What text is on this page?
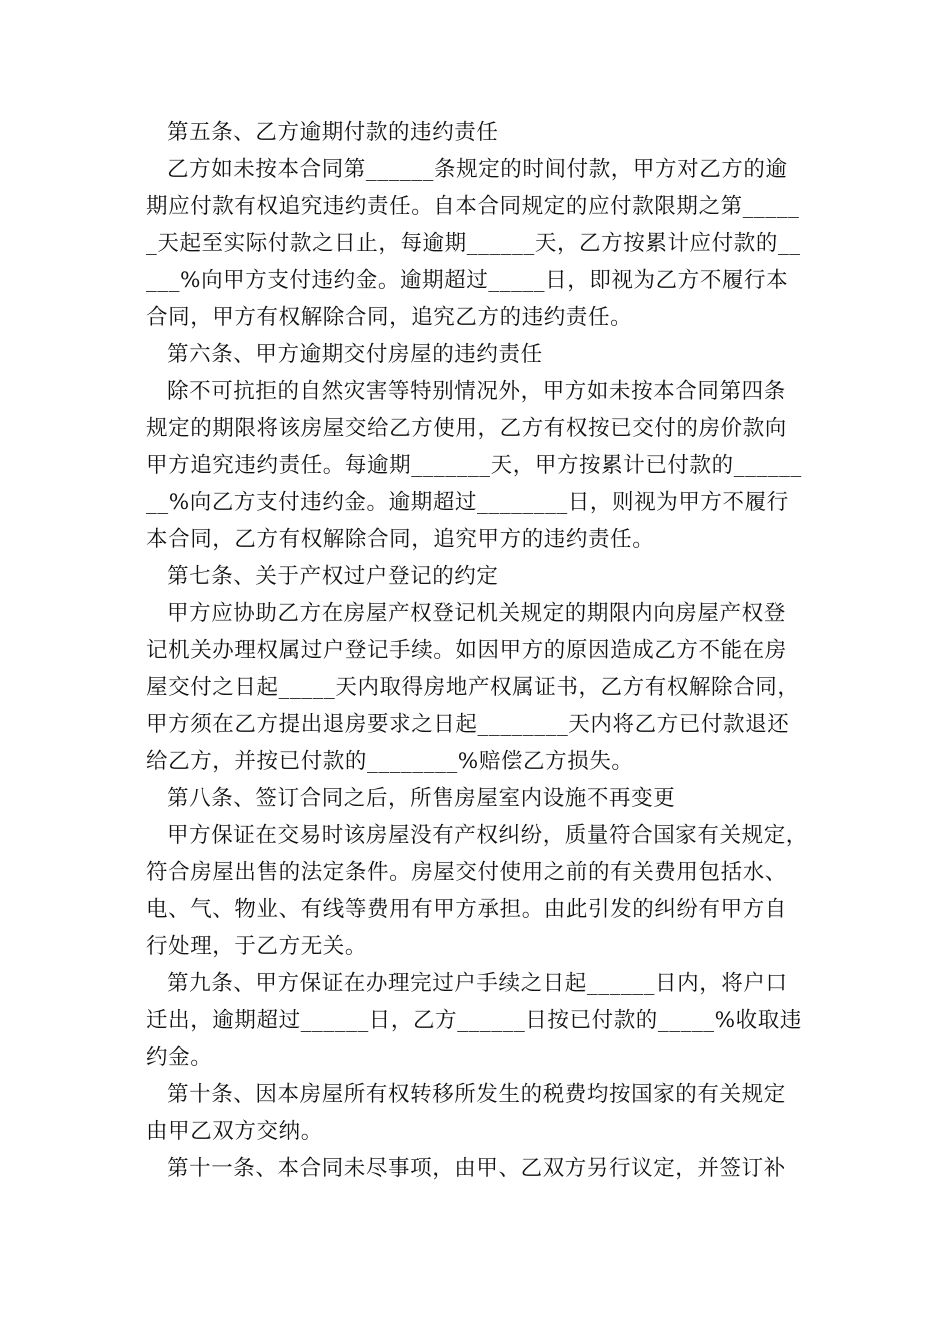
第五条、乙方逾期付款的违约责任
乙方如未按本合同第______条规定的时间付款，甲方对乙方的逾
期应付款有权追究违约责任。自本合同规定的应付款限期之第_____
_天起至实际付款之日止，每逾期______天，乙方按累计应付款的__
___%向甲方支付违约金。逾期超过_____日，即视为乙方不履行本
合同，甲方有权解除合同，追究乙方的违约责任。
第六条、甲方逾期交付房屋的违约责任
除不可抗拒的自然灾害等特别情况外，甲方如未按本合同第四条
规定的期限将该房屋交给乙方使用，乙方有权按已交付的房价款向
甲方追究违约责任。每逾期_______天，甲方按累计已付款的______
__%向乙方支付违约金。逾期超过________日，则视为甲方不履行
本合同，乙方有权解除合同，追究甲方的违约责任。
第七条、关于产权过户登记的约定
甲方应协助乙方在房屋产权登记机关规定的期限内向房屋产权登
记机关办理权属过户登记手续。如因甲方的原因造成乙方不能在房
屋交付之日起_____天内取得房地产权属证书，乙方有权解除合同，
甲方须在乙方提出退房要求之日起________天内将乙方已付款退还
给乙方，并按已付款的________%赔偿乙方损失。
第八条、签订合同之后，所售房屋室内设施不再变更
甲方保证在交易时该房屋没有产权纠纷，质量符合国家有关规定，
符合房屋出售的法定条件。房屋交付使用之前的有关费用包括水、
电、气、物业、有线等费用有甲方承担。由此引发的纠纷有甲方自
行处理，于乙方无关。
第九条、甲方保证在办理完过户手续之日起______日内，将户口
迁出，逾期超过______日，乙方______日按已付款的_____%收取违
约金。
第十条、因本房屋所有权转移所发生的税费均按国家的有关规定
由甲乙双方交纳。
第十一条、本合同未尽事项，由甲、乙双方另行议定，并签订补
